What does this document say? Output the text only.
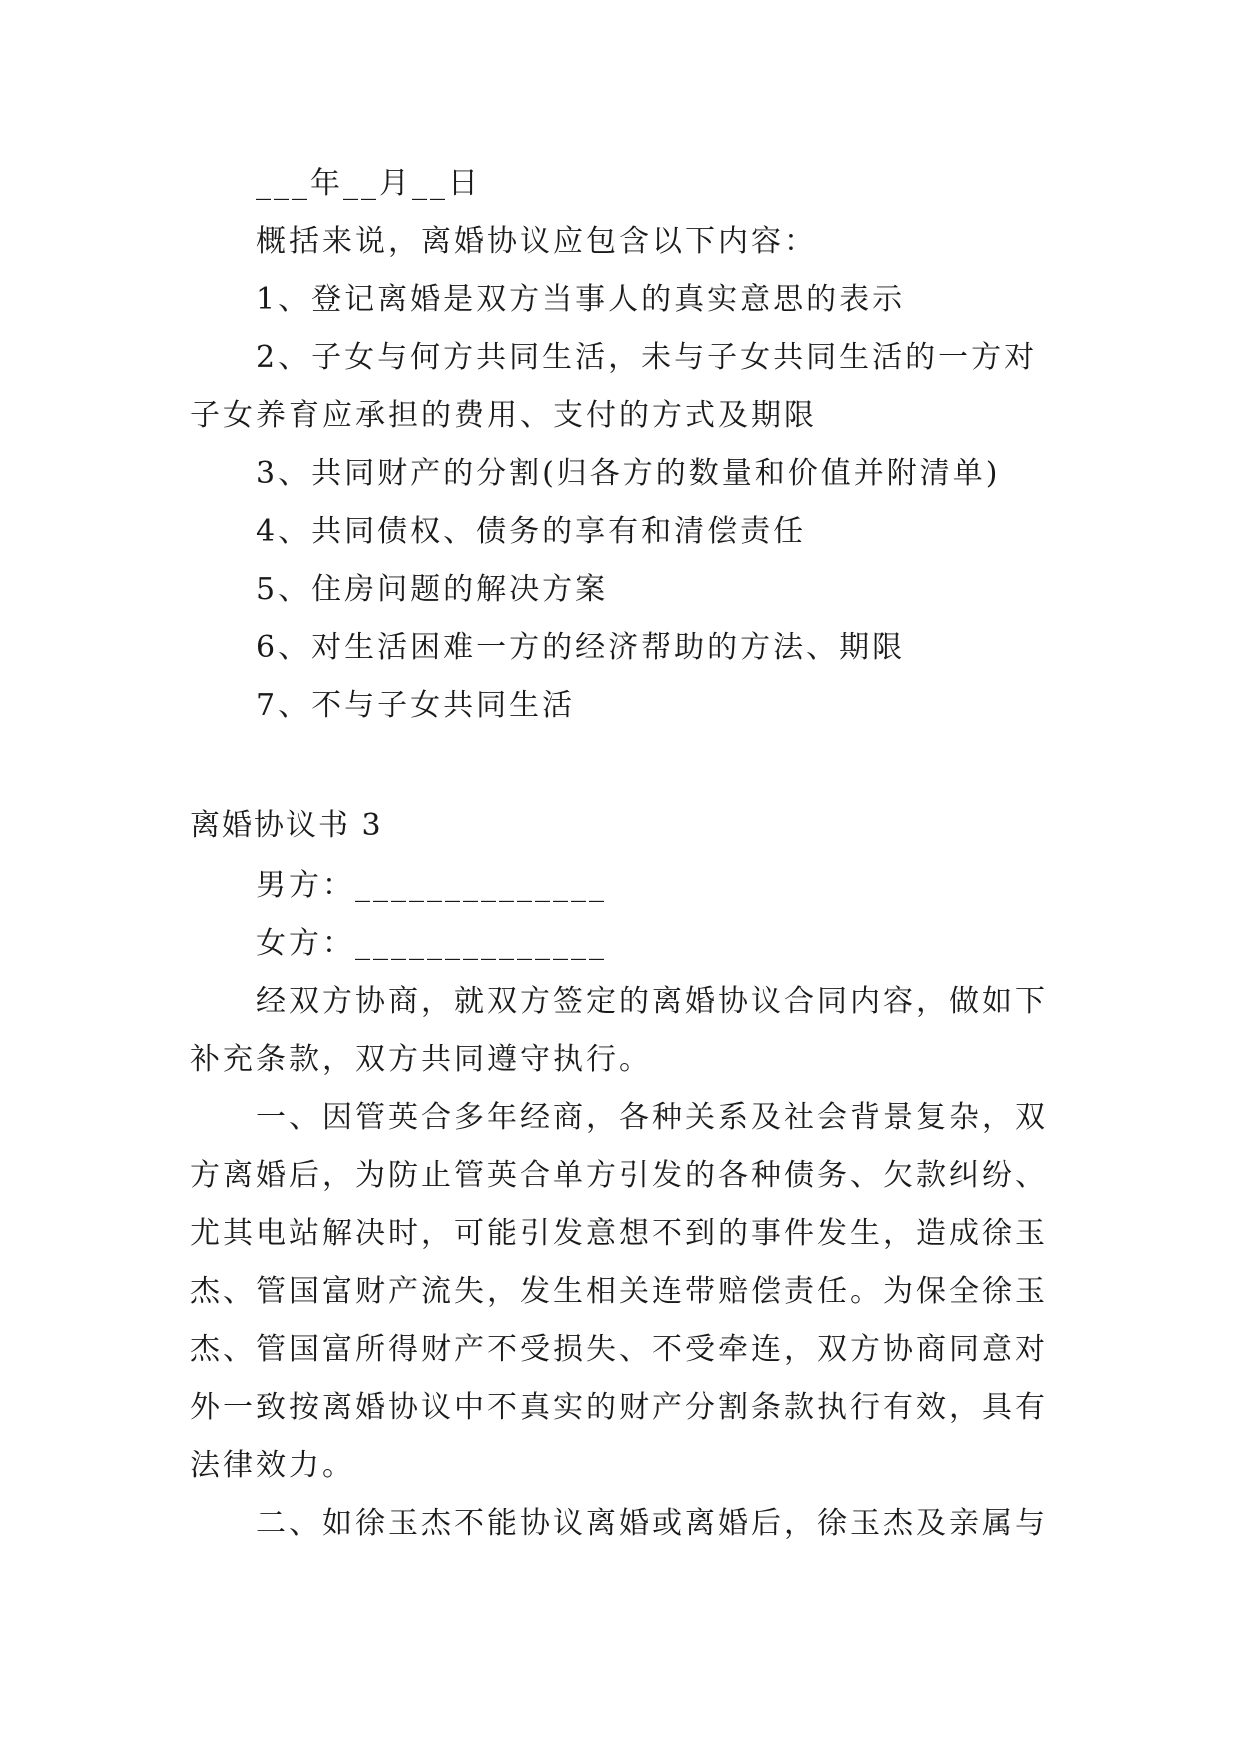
___年__月__日
概括来说，离婚协议应包含以下内容：
1、登记离婚是双方当事人的真实意思的表示
2、子女与何方共同生活，未与子女共同生活的一方对
子女养育应承担的费用、支付的方式及期限
3、共同财产的分割(归各方的数量和价值并附清单)
4、共同债权、债务的享有和清偿责任
5、住房问题的解决方案
6、对生活困难一方的经济帮助的方法、期限
7、不与子女共同生活
离婚协议书 3
男方：______________
女方：______________
经双方协商，就双方签定的离婚协议合同内容，做如下
补充条款，双方共同遵守执行。
一、因管英合多年经商，各种关系及社会背景复杂，双
方离婚后，为防止管英合单方引发的各种债务、欠款纠纷、
尤其电站解决时，可能引发意想不到的事件发生，造成徐玉
杰、管国富财产流失，发生相关连带赔偿责任。为保全徐玉
杰、管国富所得财产不受损失、不受牵连，双方协商同意对
外一致按离婚协议中不真实的财产分割条款执行有效，具有
法律效力。
二、如徐玉杰不能协议离婚或离婚后，徐玉杰及亲属与
